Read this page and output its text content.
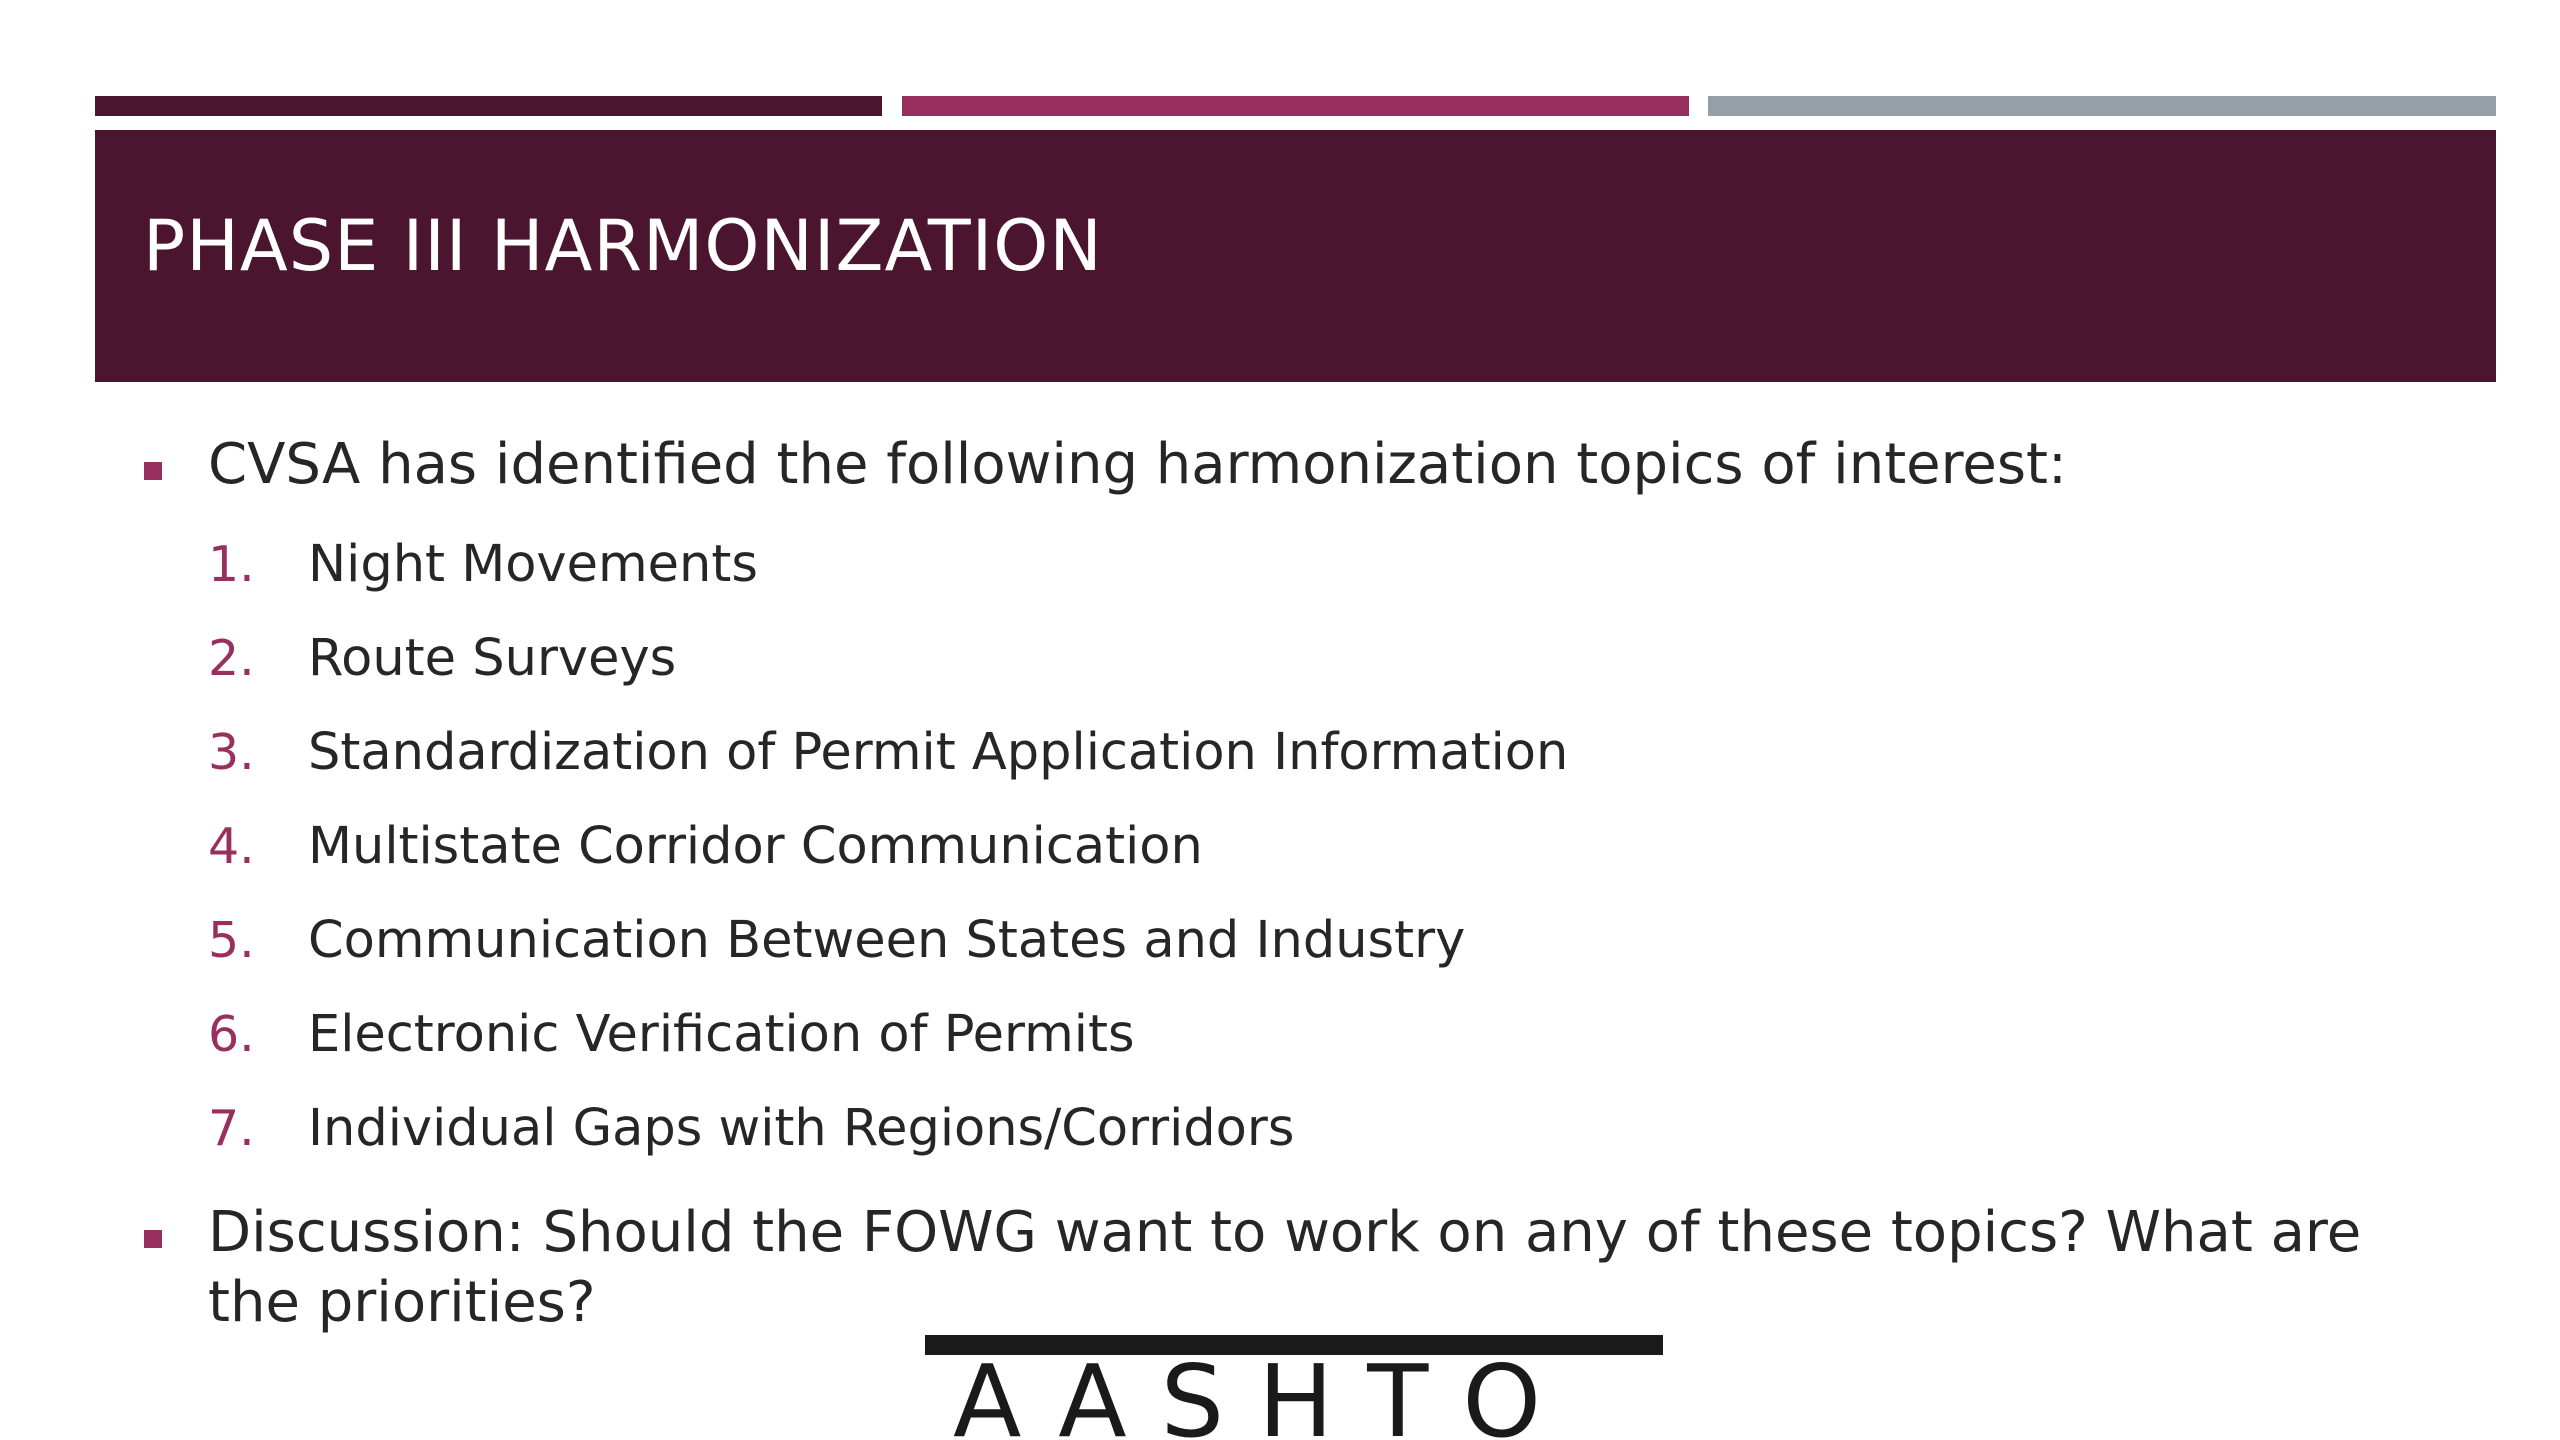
PHASE III HARMONIZATION
CVSA has identified the following harmonization topics of interest:
1. Night Movements
2. Route Surveys
3. Standardization of Permit Application Information
4. Multistate Corridor Communication
5. Communication Between States and Industry
6. Electronic Verification of Permits
7. Individual Gaps with Regions/Corridors
Discussion: Should the FOWG want to work on any of these topics? What are the priorities?
AASHTO
